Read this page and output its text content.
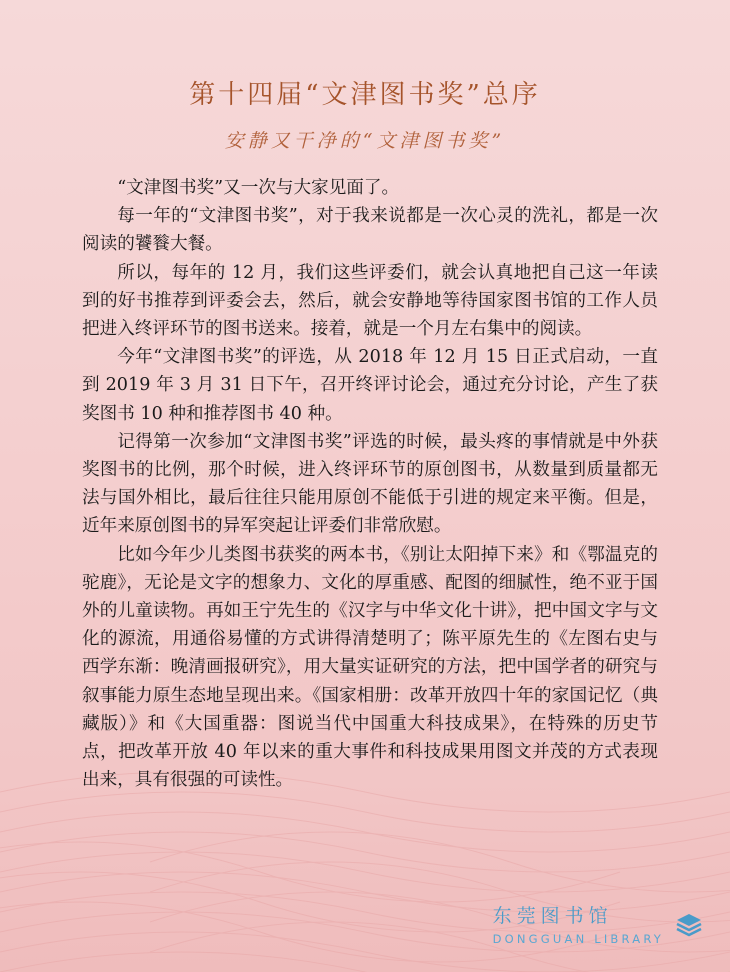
第十四届“文津图书奖”总序
安静又干净的“文津图书奖”

“文津图书奖”又一次与大家见面了。

每一年的“文津图书奖”，对于我来说都是一次心灵的洗礼，都是一次阅读的饕餮大餐。

所以，每年的 12 月，我们这些评委们，就会认真地把自己这一年读到的好书推荐到评委会去，然后，就会安静地等待国家图书馆的工作人员把进入终评环节的图书送来。接着，就是一个月左右集中的阅读。

今年“文津图书奖”的评选，从 2018 年 12 月 15 日正式启动，一直到 2019 年 3 月 31 日下午，召开终评讨论会，通过充分讨论，产生了获奖图书 10 种和推荐图书 40 种。

记得第一次参加“文津图书奖”评选的时候，最头疼的事情就是中外获奖图书的比例，那个时候，进入终评环节的原创图书，从数量到质量都无法与国外相比，最后往往只能用原创不能低于引进的规定来平衡。但是，近年来原创图书的异军突起让评委们非常欣慰。

比如今年少儿类图书获奖的两本书，《别让太阳掉下来》和《鄂温克的驼鹿》，无论是文字的想象力、文化的厚重感、配图的细腻性，绝不亚于国外的儿童读物。再如王宁先生的《汉字与中华文化十讲》，把中国文字与文化的源流，用通俗易懂的方式讲得清楚明了；陈平原先生的《左图右史与西学东渐：晚清画报研究》，用大量实证研究的方法，把中国学者的研究与叙事能力原生态地呈现出来。《国家相册：改革开放四十年的家国记忆（典藏版）》和《大国重器：图说当代中国重大科技成果》，在特殊的历史节点，把改革开放 40 年以来的重大事件和科技成果用图文并茂的方式表现出来，具有很强的可读性。

东莞图书馆
DONGGUAN LIBRARY
